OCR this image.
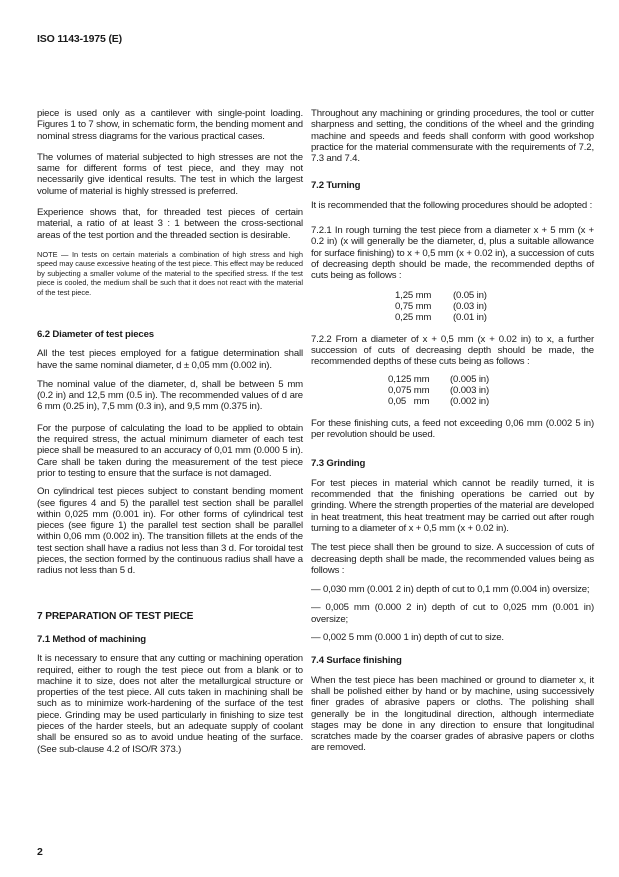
ISO 1143-1975 (E)
piece is used only as a cantilever with single-point loading. Figures 1 to 7 show, in schematic form, the bending moment and nominal stress diagrams for the various practical cases.
The volumes of material subjected to high stresses are not the same for different forms of test piece, and they may not necessarily give identical results. The test in which the largest volume of material is highly stressed is preferred.
Experience shows that, for threaded test pieces of certain material, a ratio of at least 3 : 1 between the cross-sectional areas of the test portion and the threaded section is desirable.
NOTE — In tests on certain materials a combination of high stress and high speed may cause excessive heating of the test piece. This effect may be reduced by subjecting a smaller volume of the material to the specified stress. If the test piece is cooled, the medium shall be such that it does not react with the material of the test piece.
6.2 Diameter of test pieces
All the test pieces employed for a fatigue determination shall have the same nominal diameter, d ± 0,05 mm (0.002 in).
The nominal value of the diameter, d, shall be between 5 mm (0.2 in) and 12,5 mm (0.5 in). The recommended values of d are 6 mm (0.25 in), 7,5 mm (0.3 in), and 9,5 mm (0.375 in).
For the purpose of calculating the load to be applied to obtain the required stress, the actual minimum diameter of each test piece shall be measured to an accuracy of 0,01 mm (0.000 5 in). Care shall be taken during the measurement of the test piece prior to testing to ensure that the surface is not damaged.
On cylindrical test pieces subject to constant bending moment (see figures 4 and 5) the parallel test section shall be parallel within 0,025 mm (0.001 in). For other forms of cylindrical test pieces (see figure 1) the parallel test section shall be parallel within 0,06 mm (0.002 in). The transition fillets at the ends of the test section shall have a radius not less than 3 d. For toroidal test pieces, the section formed by the continuous radius shall have a radius not less than 5 d.
7 PREPARATION OF TEST PIECE
7.1 Method of machining
It is necessary to ensure that any cutting or machining operation required, either to rough the test piece out from a blank or to machine it to size, does not alter the metallurgical structure or properties of the test piece. All cuts taken in machining shall be such as to minimize work-hardening of the surface of the test piece. Grinding may be used particularly in finishing to size test pieces of the harder steels, but an adequate supply of coolant shall be ensured so as to avoid undue heating of the surface. (See sub-clause 4.2 of ISO/R 373.)
2
Throughout any machining or grinding procedures, the tool or cutter sharpness and setting, the conditions of the wheel and the grinding machine and speeds and feeds shall conform with good workshop practice for the material commensurate with the requirements of 7.2, 7.3 and 7.4.
7.2 Turning
It is recommended that the following procedures should be adopted :
7.2.1 In rough turning the test piece from a diameter x + 5 mm (x + 0.2 in) (x will generally be the diameter, d, plus a suitable allowance for surface finishing) to x + 0,5 mm (x + 0.02 in), a succession of cuts of decreasing depth should be made, the recommended depths of cuts being as follows :
1,25 mm (0.05 in)
0,75 mm (0.03 in)
0,25 mm (0.01 in)
7.2.2 From a diameter of x + 0,5 mm (x + 0.02 in) to x, a further succession of cuts of decreasing depth should be made, the recommended depths of these cuts being as follows :
0,125 mm (0.005 in)
0,075 mm (0.003 in)
0,05   mm (0.002 in)
For these finishing cuts, a feed not exceeding 0,06 mm (0.002 5 in) per revolution should be used.
7.3 Grinding
For test pieces in material which cannot be readily turned, it is recommended that the finishing operations be carried out by grinding. Where the strength properties of the material are developed in heat treatment, this heat treatment may be carried out after rough turning to a diameter of x + 0,5 mm (x + 0.02 in).
The test piece shall then be ground to size. A succession of cuts of decreasing depth shall be made, the recommended values being as follows :
— 0,030 mm (0.001 2 in) depth of cut to 0,1 mm (0.004 in) oversize;
— 0,005 mm (0.000 2 in) depth of cut to 0,025 mm (0.001 in) oversize;
— 0,002 5 mm (0.000 1 in) depth of cut to size.
7.4 Surface finishing
When the test piece has been machined or ground to diameter x, it shall be polished either by hand or by machine, using successively finer grades of abrasive papers or cloths. The polishing shall generally be in the longitudinal direction, although intermediate stages may be done in any direction to ensure that longitudinal scratches made by the coarser grades of abrasive papers or cloths are removed.
